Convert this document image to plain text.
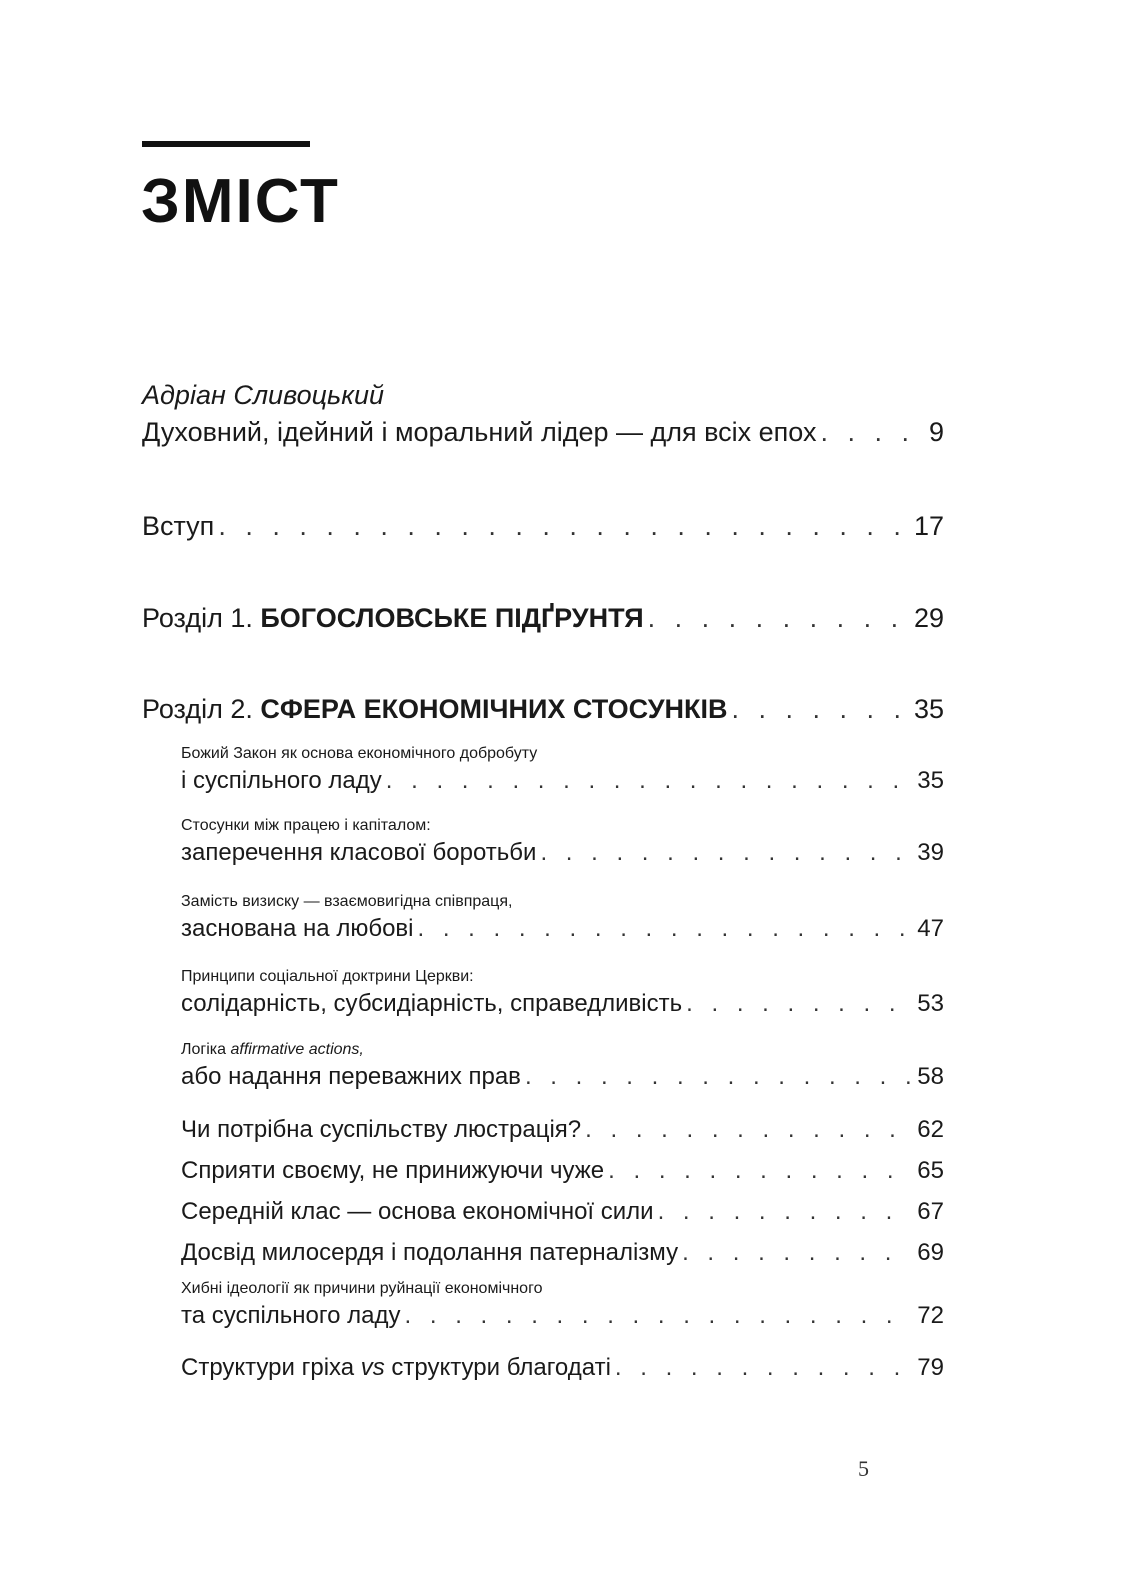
ЗМІСТ
Адріан Сливоцький
Духовний, ідейний і моральний лідер — для всіх епох . . .	9
Вступ . . .	17
Розділ 1.
БОГОСЛОВСЬКЕ ПІДҐРУНТЯ . . .	29
Розділ 2.
СФЕРА ЕКОНОМІЧНИХ СТОСУНКІВ . . .	35
Божий Закон як основа економічного добробуту
і суспільного ладу . . .	35
Стосунки між працею і капіталом:
заперечення класової боротьби . . .	39
Замість визиску — взаємовигідна співпраця,
заснована на любові . . .	47
Принципи соціальної доктрини Церкви:
солідарність, субсидіарність, справедливість . . .	53
Логіка affirmative actions,
або надання переважних прав . . .	58
Чи потрібна суспільству люстрація? . . .	62
Сприяти своєму, не принижуючи чуже . . .	65
Середній клас — основа економічної сили . . .	67
Досвід милосердя і подолання патерналізму . . .	69
Хибні ідеології як причини руйнації економічного
та суспільного ладу . . .	72
Структури гріха vs структури благодаті . . .	79
5
